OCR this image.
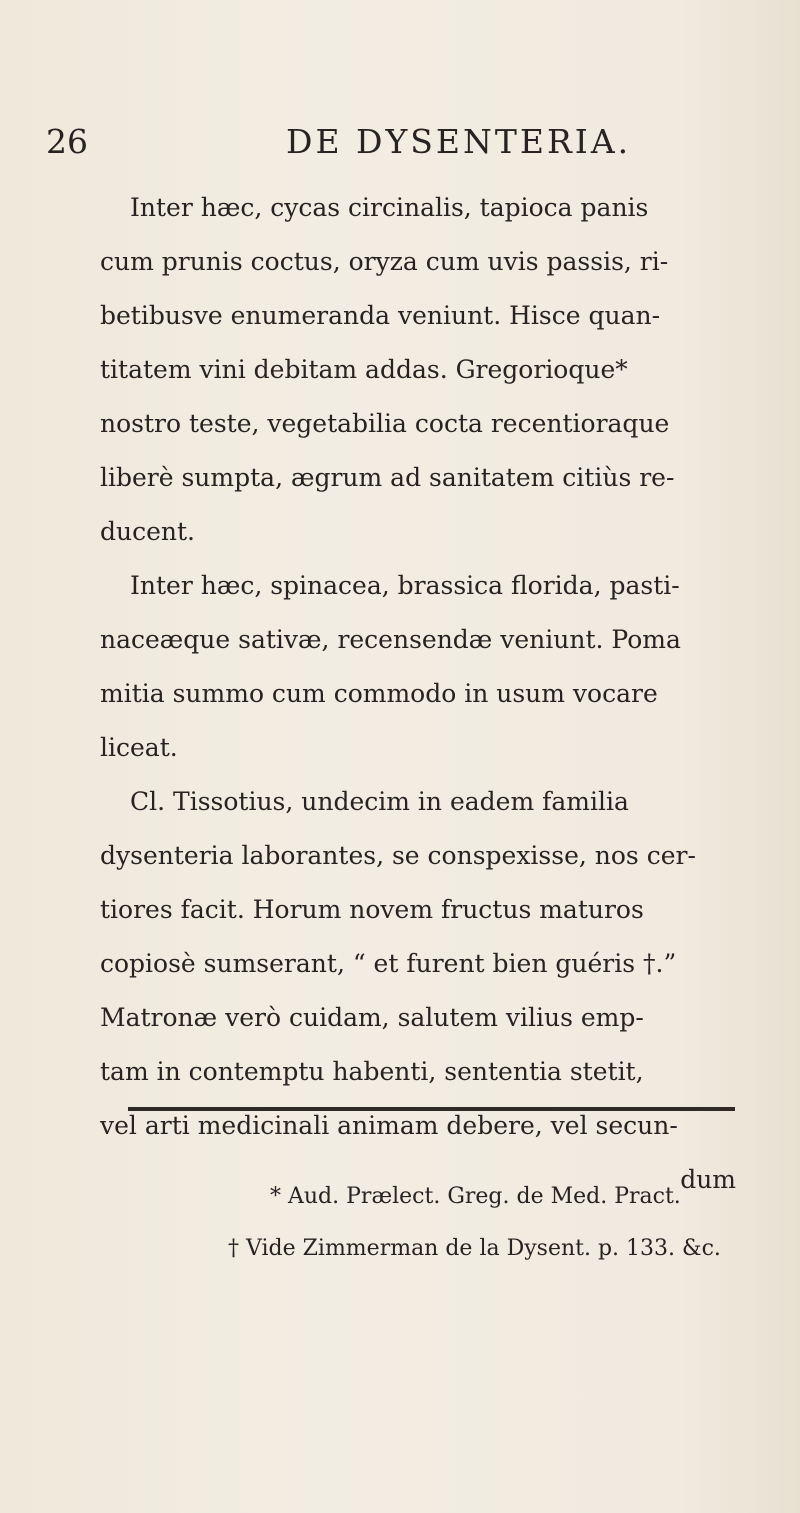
26	DE DYSENTERIA.
Inter hæc, cycas circinalis, tapioca panis
cum prunis coctus, oryza cum uvis passis, ri-
betibusve enumeranda veniunt. Hisce quan-
titatem vini debitam addas. Gregorioque*
nostro teste, vegetabilia cocta recentioraque
liberè sumpta, ægrum ad sanitatem citiùs re-
ducent.
Inter hæc, spinacea, brassica florida, pasti-
naceæque sativæ, recensendæ veniunt. Poma
mitia summo cum commodo in usum vocare
liceat.
Cl. Tissotius, undecim in eadem familia
dysenteria laborantes, se conspexisse, nos cer-
tiores facit. Horum novem fructus maturos
copiosè sumserant, “ et furent bien guéris †.”
Matronæ verò cuidam, salutem vilius emp-
tam in contemptu habenti, sententia stetit,
vel arti medicinali animam debere, vel secun-
dum
* Aud. Prælect. Greg. de Med. Pract.
† Vide Zimmerman de la Dysent. p. 133. &c.
